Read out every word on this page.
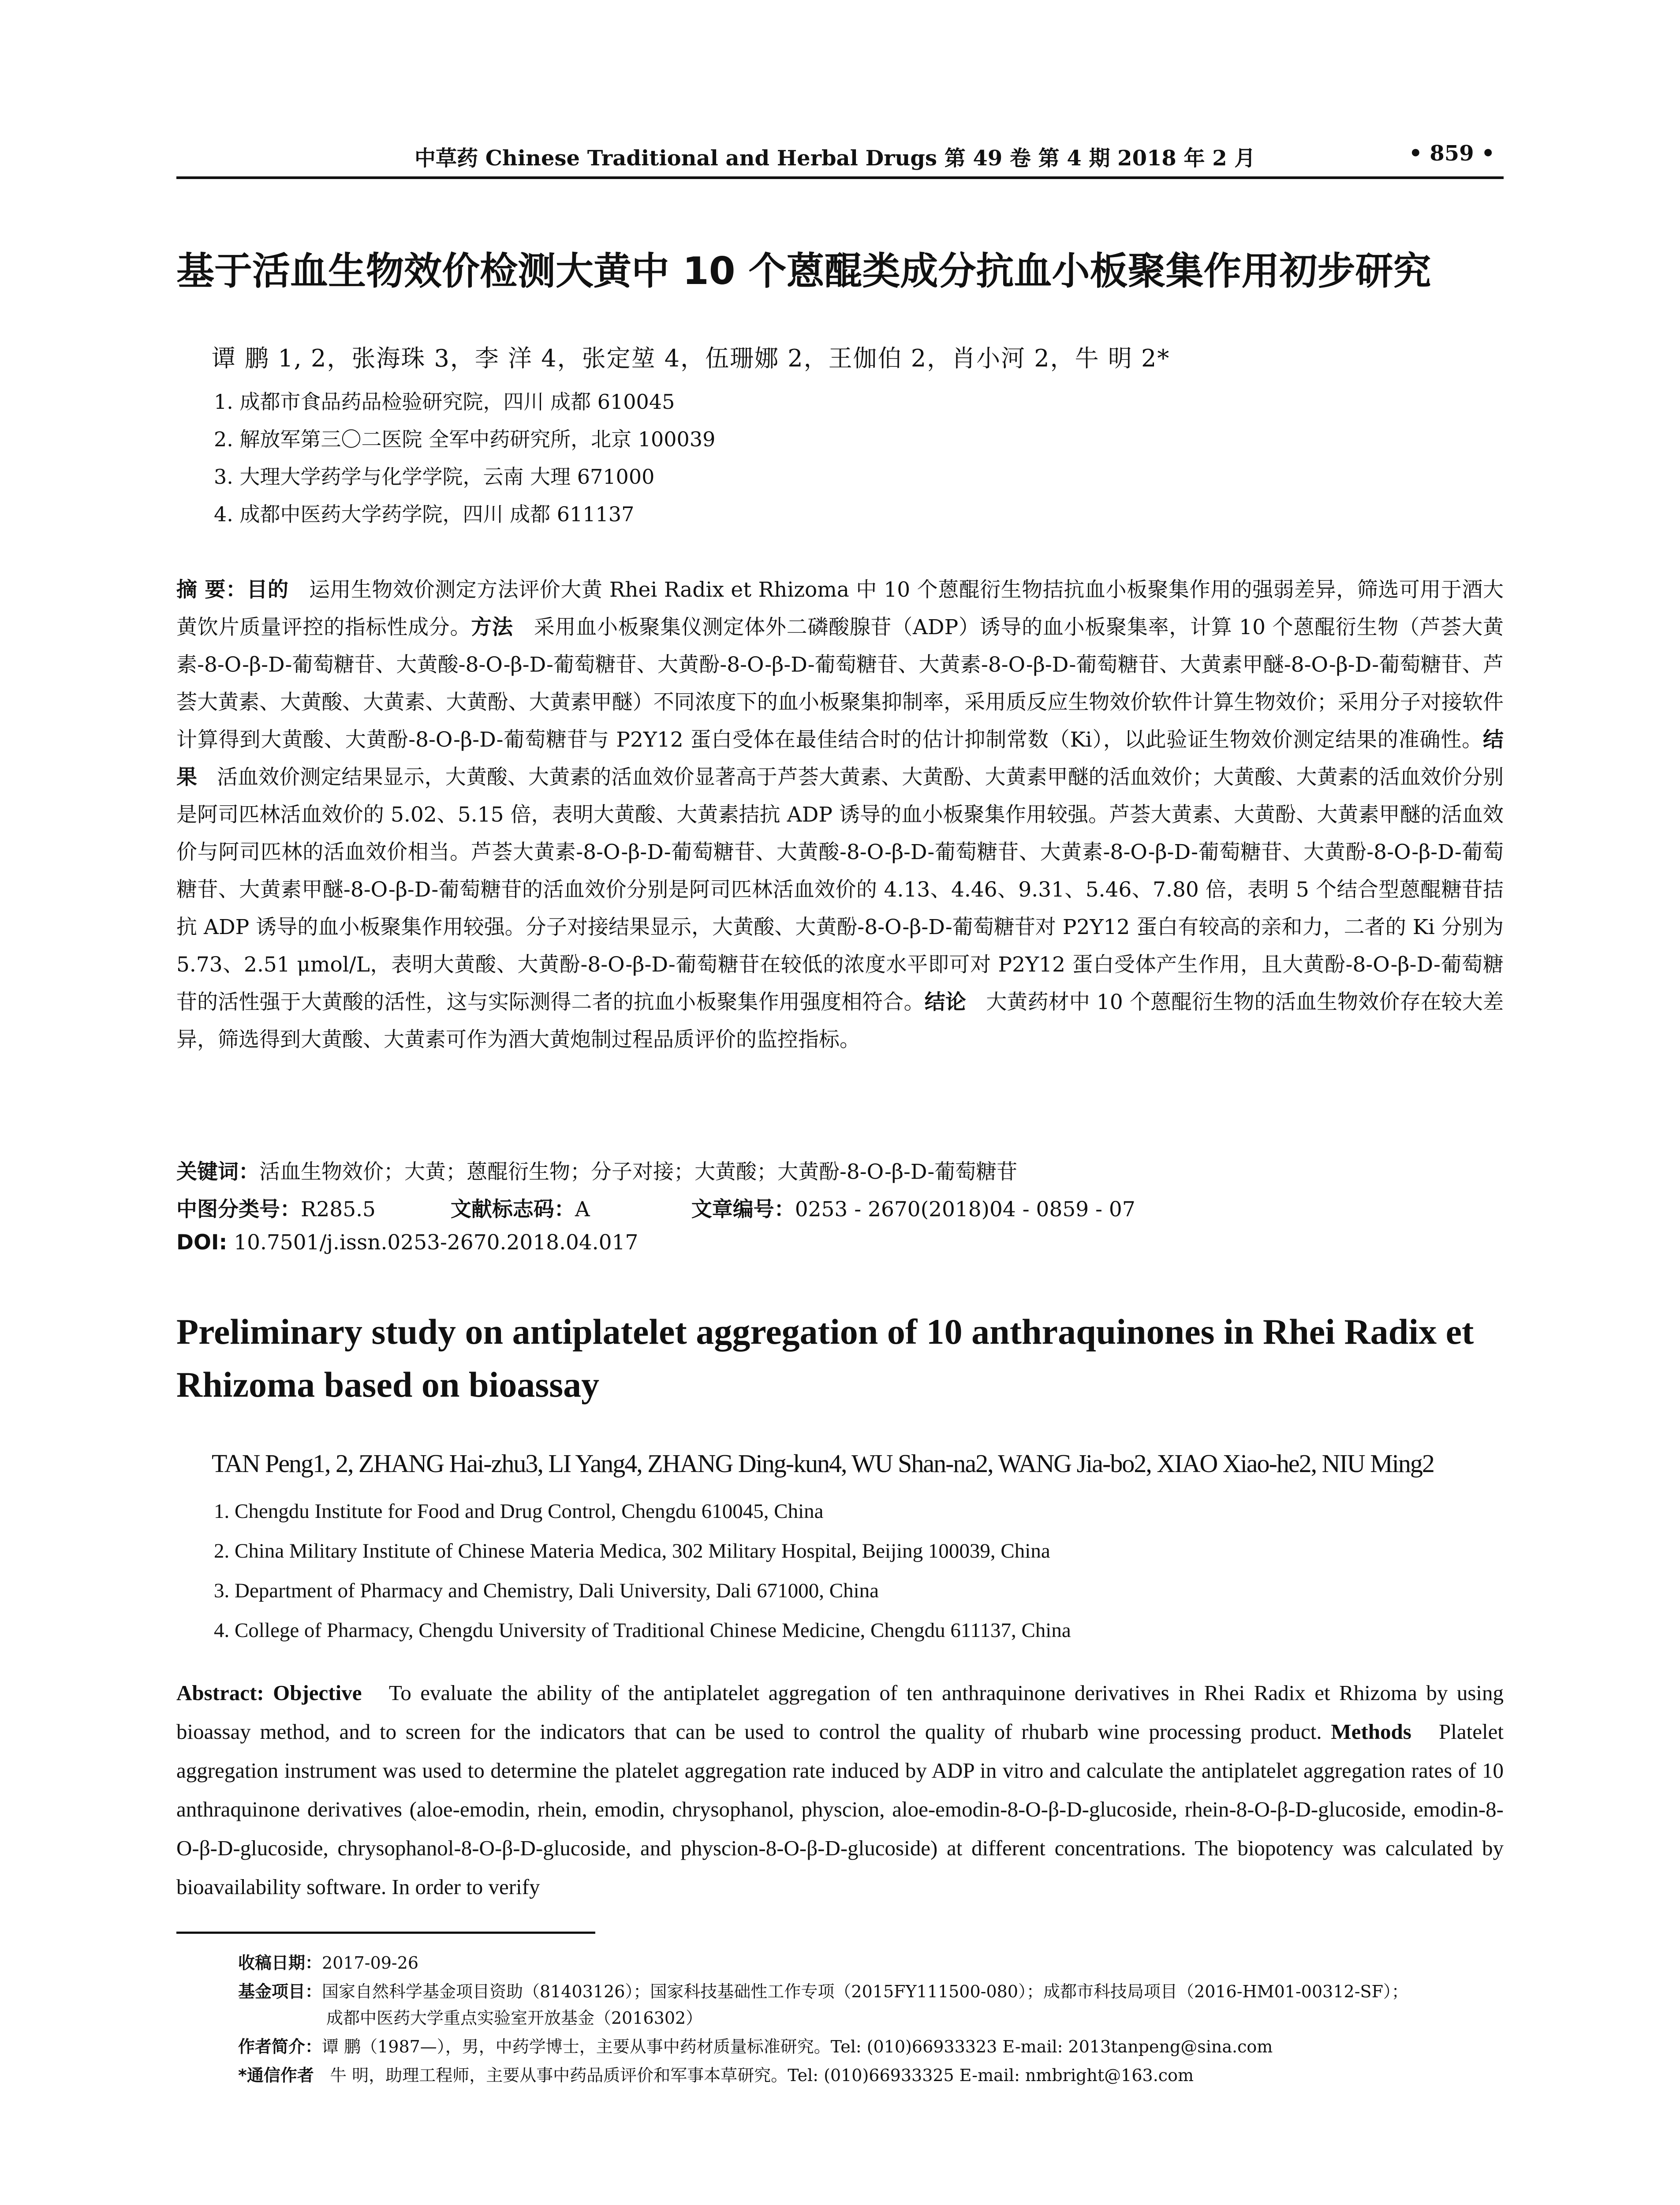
中草药 Chinese Traditional and Herbal Drugs 第 49 卷 第 4 期 2018 年 2 月	• 859 •
基于活血生物效价检测大黄中 10 个蒽醌类成分抗血小板聚集作用初步研究
谭 鹏 1, 2，张海珠 3，李 洋 4，张定堃 4，伍珊娜 2，王伽伯 2，肖小河 2，牛 明 2*
1. 成都市食品药品检验研究院，四川 成都 610045
2. 解放军第三〇二医院 全军中药研究所，北京 100039
3. 大理大学药学与化学学院，云南 大理 671000
4. 成都中医药大学药学院，四川 成都 611137
摘 要：目的 运用生物效价测定方法评价大黄 Rhei Radix et Rhizoma 中 10 个蒽醌衍生物拮抗血小板聚集作用的强弱差异，筛选可用于酒大黄饮片质量评控的指标性成分。方法 采用血小板聚集仪测定体外二磷酸腺苷（ADP）诱导的血小板聚集率，计算 10 个蒽醌衍生物（芦荟大黄素-8-O-β-D-葡萄糖苷、大黄酸-8-O-β-D-葡萄糖苷、大黄酚-8-O-β-D-葡萄糖苷、大黄素-8-O-β-D-葡萄糖苷、大黄素甲醚-8-O-β-D-葡萄糖苷、芦荟大黄素、大黄酸、大黄素、大黄酚、大黄素甲醚）不同浓度下的血小板聚集抑制率，采用质反应生物效价软件计算生物效价；采用分子对接软件计算得到大黄酸、大黄酚-8-O-β-D-葡萄糖苷与 P2Y12 蛋白受体在最佳结合时的估计抑制常数（Ki），以此验证生物效价测定结果的准确性。结果 活血效价测定结果显示，大黄酸、大黄素的活血效价显著高于芦荟大黄素、大黄酚、大黄素甲醚的活血效价；大黄酸、大黄素的活血效价分别是阿司匹林活血效价的 5.02、5.15 倍，表明大黄酸、大黄素拮抗 ADP 诱导的血小板聚集作用较强。芦荟大黄素、大黄酚、大黄素甲醚的活血效价与阿司匹林的活血效价相当。芦荟大黄素-8-O-β-D-葡萄糖苷、大黄酸-8-O-β-D-葡萄糖苷、大黄素-8-O-β-D-葡萄糖苷、大黄酚-8-O-β-D-葡萄糖苷、大黄素甲醚-8-O-β-D-葡萄糖苷的活血效价分别是阿司匹林活血效价的 4.13、4.46、9.31、5.46、7.80 倍，表明 5 个结合型蒽醌糖苷拮抗 ADP 诱导的血小板聚集作用较强。分子对接结果显示，大黄酸、大黄酚-8-O-β-D-葡萄糖苷对 P2Y12 蛋白有较高的亲和力，二者的 Ki 分别为 5.73、2.51 μmol/L，表明大黄酸、大黄酚-8-O-β-D-葡萄糖苷在较低的浓度水平即可对 P2Y12 蛋白受体产生作用，且大黄酚-8-O-β-D-葡萄糖苷的活性强于大黄酸的活性，这与实际测得二者的抗血小板聚集作用强度相符合。结论 大黄药材中 10 个蒽醌衍生物的活血生物效价存在较大差异，筛选得到大黄酸、大黄素可作为酒大黄炮制过程品质评价的监控指标。
关键词：活血生物效价；大黄；蒽醌衍生物；分子对接；大黄酸；大黄酚-8-O-β-D-葡萄糖苷
中图分类号：R285.5	文献标志码：A	文章编号：0253 - 2670(2018)04 - 0859 - 07
DOI: 10.7501/j.issn.0253-2670.2018.04.017
Preliminary study on antiplatelet aggregation of 10 anthraquinones in Rhei Radix et Rhizoma based on bioassay
TAN Peng1, 2, ZHANG Hai-zhu3, LI Yang4, ZHANG Ding-kun4, WU Shan-na2, WANG Jia-bo2, XIAO Xiao-he2, NIU Ming2
1. Chengdu Institute for Food and Drug Control, Chengdu 610045, China
2. China Military Institute of Chinese Materia Medica, 302 Military Hospital, Beijing 100039, China
3. Department of Pharmacy and Chemistry, Dali University, Dali 671000, China
4. College of Pharmacy, Chengdu University of Traditional Chinese Medicine, Chengdu 611137, China
Abstract: Objective To evaluate the ability of the antiplatelet aggregation of ten anthraquinone derivatives in Rhei Radix et Rhizoma by using bioassay method, and to screen for the indicators that can be used to control the quality of rhubarb wine processing product. Methods Platelet aggregation instrument was used to determine the platelet aggregation rate induced by ADP in vitro and calculate the antiplatelet aggregation rates of 10 anthraquinone derivatives (aloe-emodin, rhein, emodin, chrysophanol, physcion, aloe-emodin-8-O-β-D-glucoside, rhein-8-O-β-D-glucoside, emodin-8-O-β-D-glucoside, chrysophanol-8-O-β-D-glucoside, and physcion-8-O-β-D-glucoside) at different concentrations. The biopotency was calculated by bioavailability software. In order to verify
收稿日期：2017-09-26
基金项目：国家自然科学基金项目资助（81403126）；国家科技基础性工作专项（2015FY111500-080）；成都市科技局项目（2016-HM01-00312-SF）；
成都中医药大学重点实验室开放基金（2016302）
作者简介：谭 鹏（1987—），男，中药学博士，主要从事中药材质量标准研究。Tel: (010)66933323 E-mail: 2013tanpeng@sina.com
*通信作者 牛 明，助理工程师，主要从事中药品质评价和军事本草研究。Tel: (010)66933325 E-mail: nmbright@163.com
